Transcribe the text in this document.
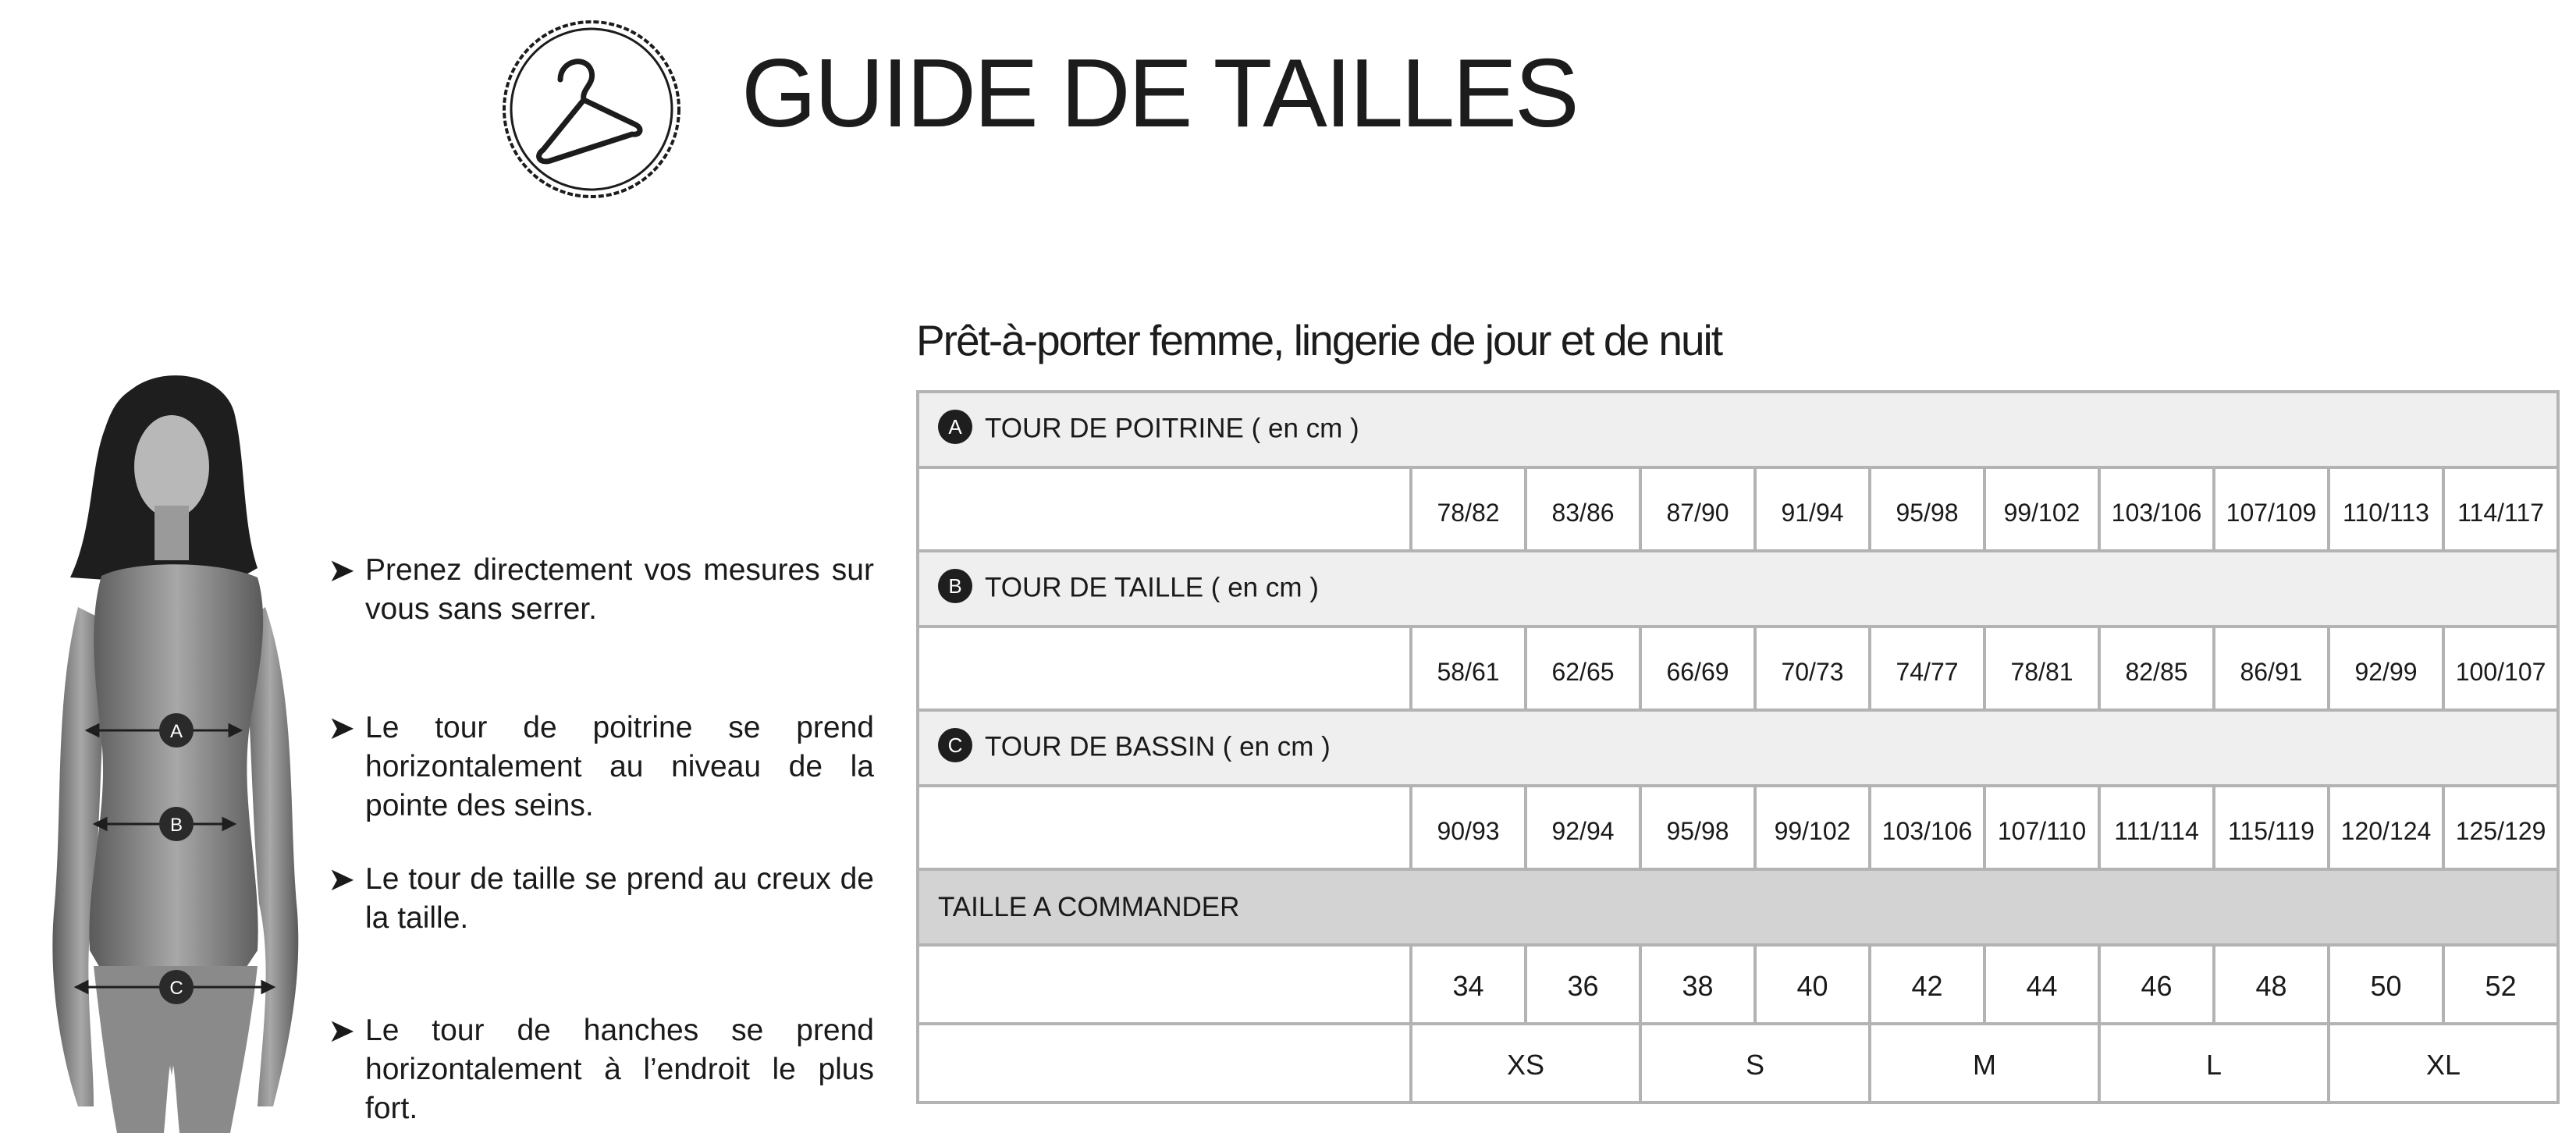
GUIDE DE TAILLES
A
B
C
➤ Prenez directement vos mesures sur vous sans serrer.
➤ Le tour de poitrine se prend horizontalement au niveau de la pointe des seins.
➤ Le tour de taille se prend au creux de la taille.
➤ Le tour de hanches se prend horizontalement à l’endroit le plus fort.
Prêt-à-porter femme, lingerie de jour et de nuit
A TOUR DE POITRINE ( en cm )										
	78/82	83/86	87/90	91/94	95/98	99/102	103/106	107/109	110/113	114/117
B TOUR DE TAILLE ( en cm )										
	58/61	62/65	66/69	70/73	74/77	78/81	82/85	86/91	92/99	100/107
C TOUR DE BASSIN ( en cm )										
	90/93	92/94	95/98	99/102	103/106	107/110	111/114	115/119	120/124	125/129
TAILLE A COMMANDER										
	34	36	38	40	42	44	46	48	50	52
	XS		S		M		L		XL	
